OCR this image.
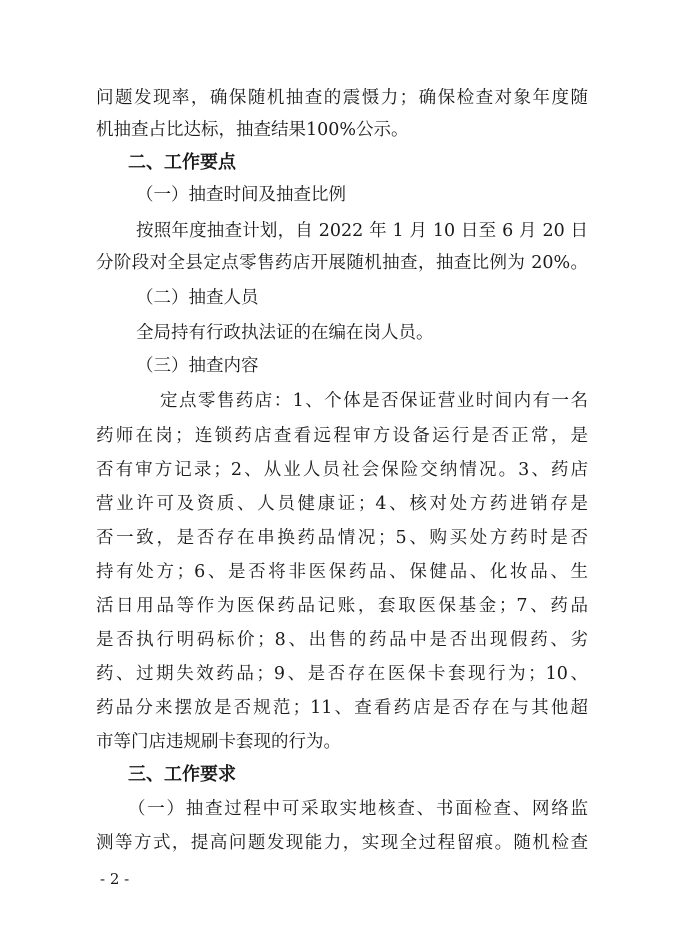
问题发现率，确保随机抽查的震慑力；确保检查对象年度随
机抽查占比达标，抽查结果100%公示。
二、工作要点
（一）抽查时间及抽查比例
按照年度抽查计划，自 2022 年 1 月 10 日至 6 月 20 日
分阶段对全县定点零售药店开展随机抽查，抽查比例为 20%。
（二）抽查人员
全局持有行政执法证的在编在岗人员。
（三）抽查内容
定点零售药店：1、个体是否保证营业时间内有一名
药师在岗；连锁药店查看远程审方设备运行是否正常，是
否有审方记录；2、从业人员社会保险交纳情况。3、药店
营业许可及资质、人员健康证；4、核对处方药进销存是
否一致，是否存在串换药品情况；5、购买处方药时是否
持有处方；6、是否将非医保药品、保健品、化妆品、生
活日用品等作为医保药品记账，套取医保基金；7、药品
是否执行明码标价；8、出售的药品中是否出现假药、劣
药、过期失效药品；9、是否存在医保卡套现行为；10、
药品分来摆放是否规范；11、查看药店是否存在与其他超
市等门店违规刷卡套现的行为。
三、工作要求
（一）抽查过程中可采取实地核查、书面检查、网络监
测等方式，提高问题发现能力，实现全过程留痕。随机检查
- 2 -
